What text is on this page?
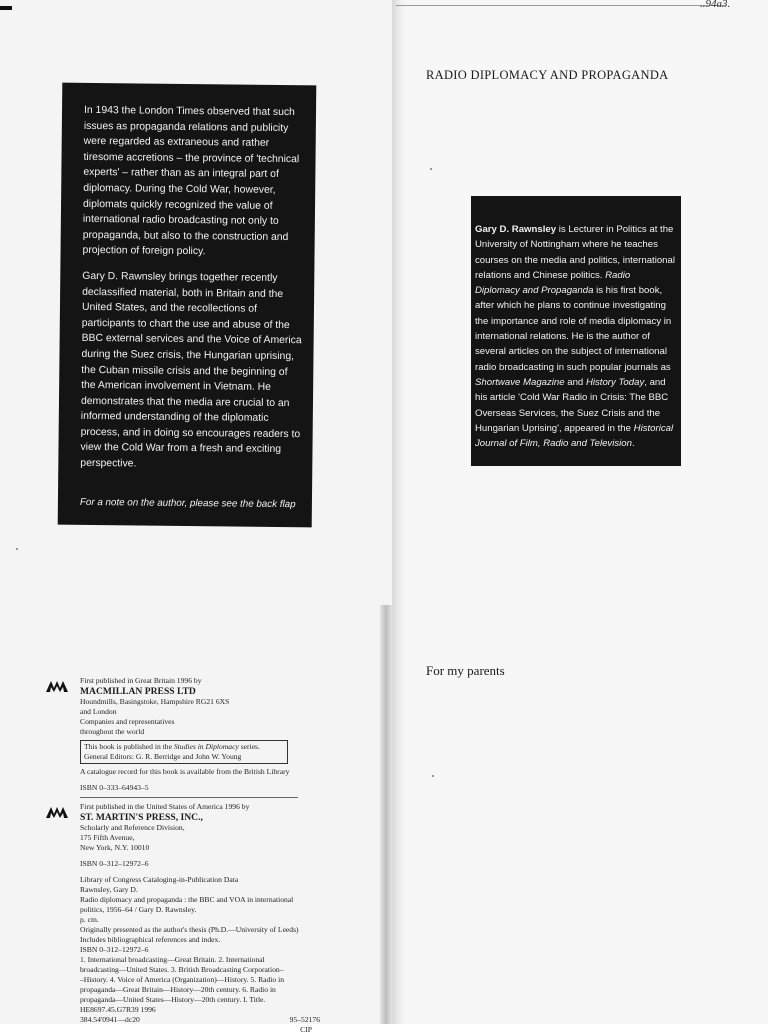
..94a3.

In 1943 the London Times observed that such issues as propaganda relations and publicity were regarded as extraneous and rather tiresome accretions – the province of 'technical experts' – rather than as an integral part of diplomacy. During the Cold War, however, diplomats quickly recognized the value of international radio broadcasting not only to propaganda, but also to the construction and projection of foreign policy.

Gary D. Rawnsley brings together recently declassified material, both in Britain and the United States, and the recollections of participants to chart the use and abuse of the BBC external services and the Voice of America during the Suez crisis, the Hungarian uprising, the Cuban missile crisis and the beginning of the American involvement in Vietnam. He demonstrates that the media are crucial to an informed understanding of the diplomatic process, and in doing so encourages readers to view the Cold War from a fresh and exciting perspective.

For a note on the author, please see the back flap
RADIO DIPLOMACY AND PROPAGANDA

Gary D. Rawnsley is Lecturer in Politics at the University of Nottingham where he teaches courses on the media and politics, international relations and Chinese politics. Radio Diplomacy and Propaganda is his first book, after which he plans to continue investigating the importance and role of media diplomacy in international relations. He is the author of several articles on the subject of international radio broadcasting in such popular journals as Shortwave Magazine and History Today, and his article 'Cold War Radio in Crisis: The BBC Overseas Services, the Suez Crisis and the Hungarian Uprising', appeared in the Historical Journal of Film, Radio and Television.

For my parents
First published in Great Britain 1996 by
MACMILLAN PRESS LTD
Houndmills, Basingstoke, Hampshire RG21 6XS
and London
Companies and representatives
throughout the world
This book is published in the Studies in Diplomacy series.
General Editors: G. R. Berridge and John W. Young
A catalogue record for this book is available from the British Library
ISBN 0–333–64943–5
First published in the United States of America 1996 by
ST. MARTIN'S PRESS, INC.,
Scholarly and Reference Division,
175 Fifth Avenue,
New York, N.Y. 10010
ISBN 0–312–12972–6
Library of Congress Cataloging-in-Publication Data
Rawnsley, Gary D.
Radio diplomacy and propaganda : the BBC and VOA in international
politics, 1956–64 / Gary D. Rawnsley.
p. cm.
Originally presented as the author's thesis (Ph.D.—University of Leeds)
Includes bibliographical references and index.
ISBN 0–312–12972–6
1. International broadcasting—Great Britain. 2. International
broadcasting—United States. 3. British Broadcasting Corporation–
–History. 4. Voice of America (Organization)—History. 5. Radio in
propaganda—Great Britain—History—20th century. 6. Radio in
propaganda—United States—History—20th century. I. Title.
HE8697.45.G7R39 1996
384.54'0941—dc20	95–52176
CIP
